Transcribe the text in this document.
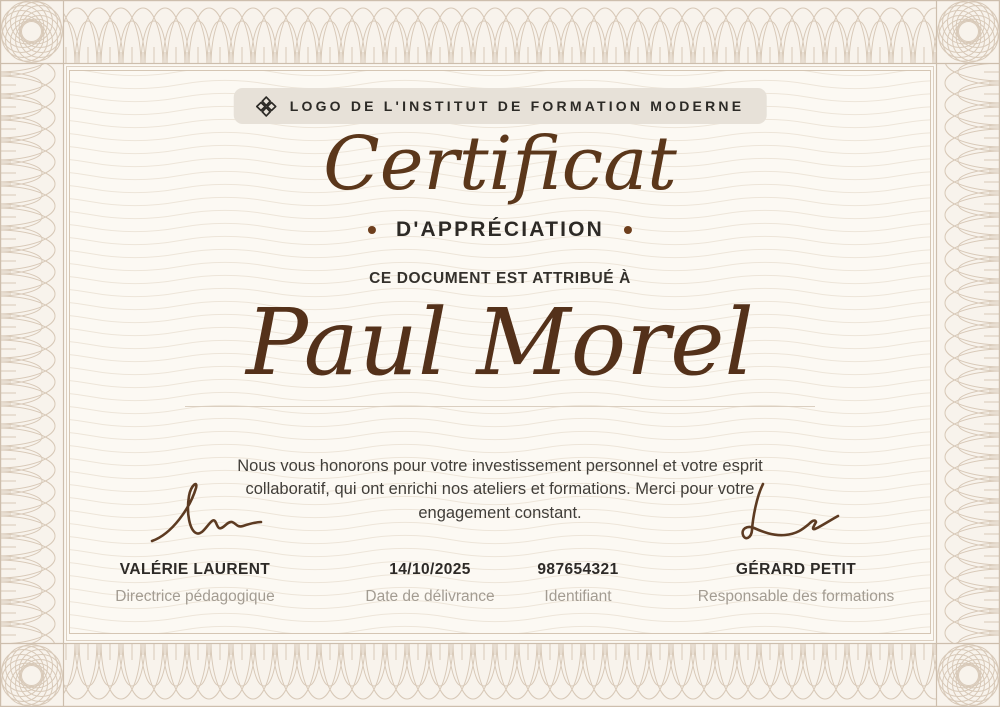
LOGO DE L'INSTITUT DE FORMATION MODERNE
Certificat
D'APPRÉCIATION
CE DOCUMENT EST ATTRIBUÉ À
Paul Morel

Nous vous honorons pour votre investissement personnel et votre esprit collaboratif, qui ont enrichi nos ateliers et formations. Merci pour votre engagement constant.

VALÉRIE LAURENT
Directrice pédagogique
14/10/2025
Date de délivrance
987654321
Identifiant
GÉRARD PETIT
Responsable des formations
